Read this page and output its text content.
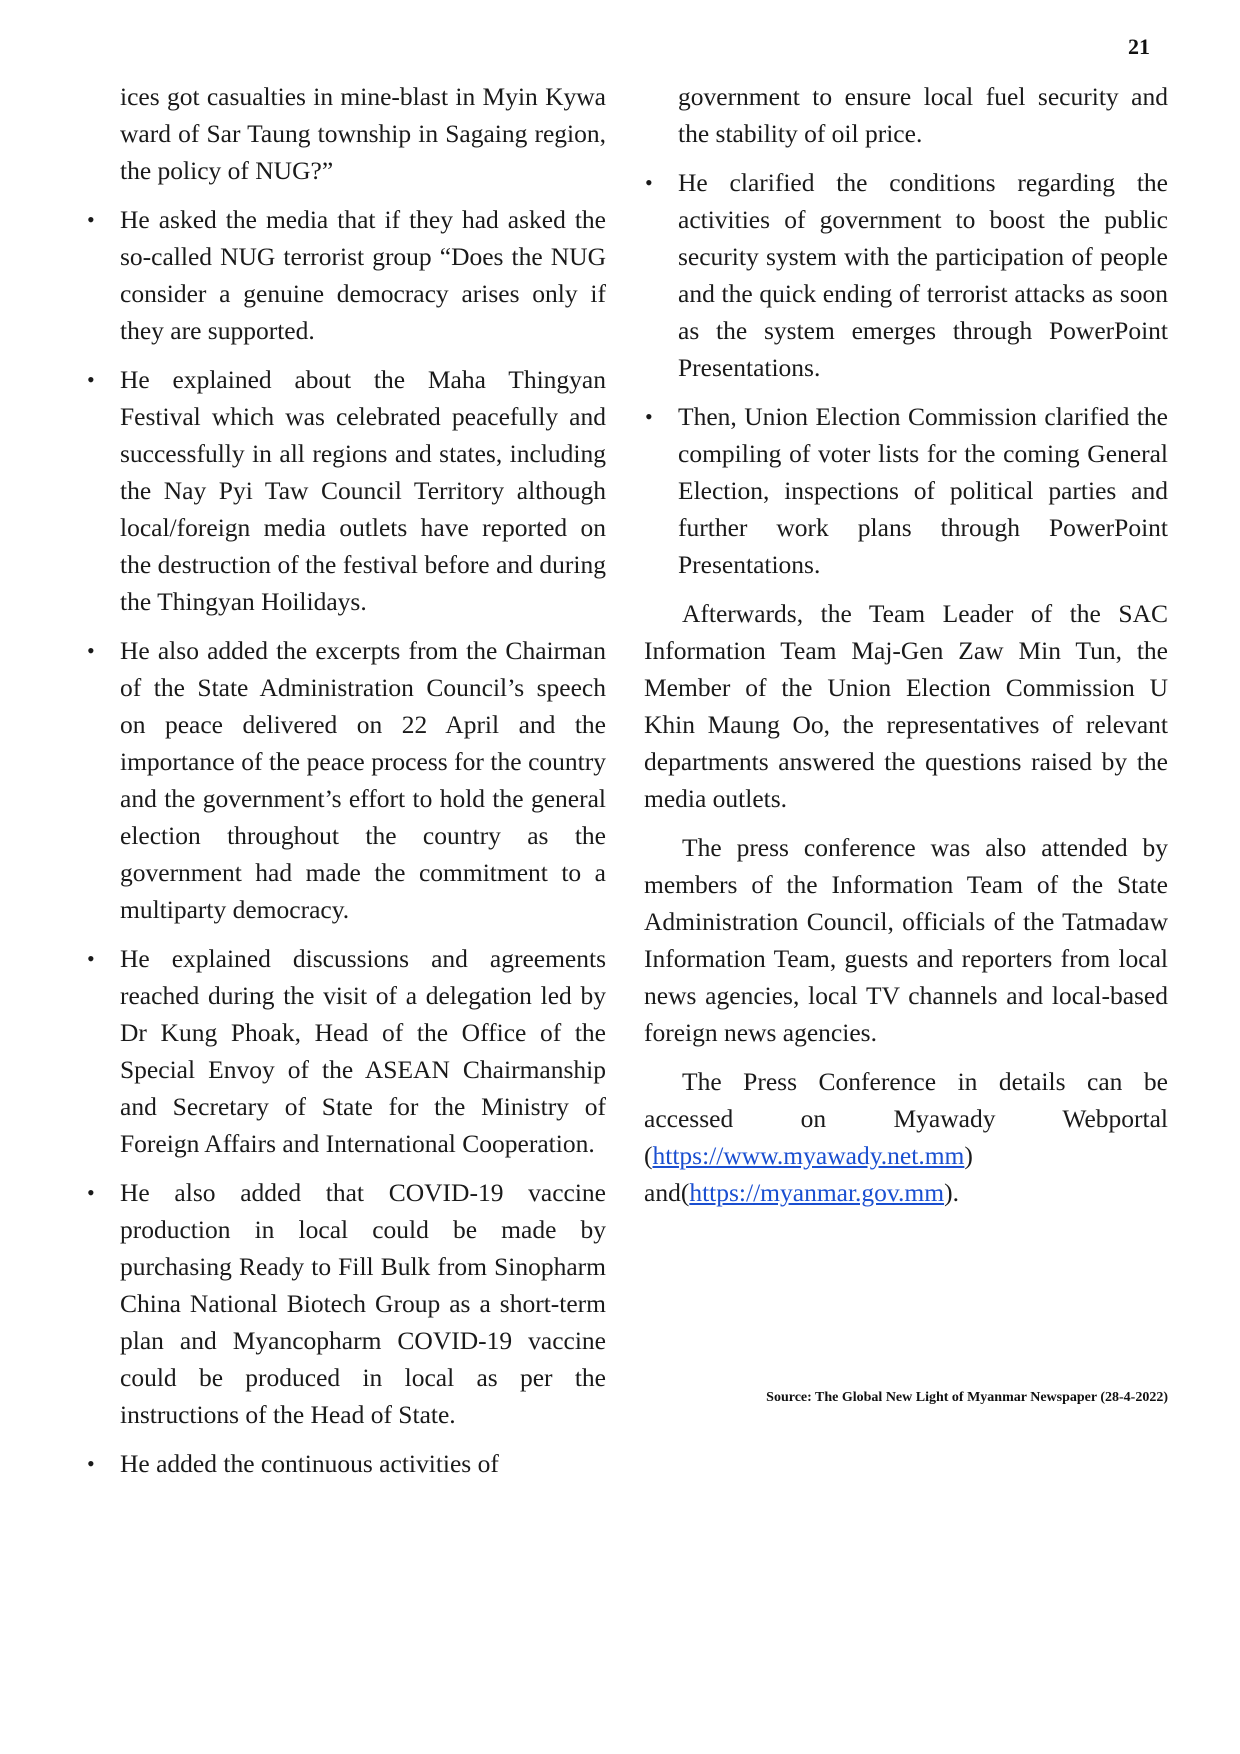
21

ices got casualties in mine-blast in Myin Kywa ward of Sar Taung township in Sagaing region, the policy of NUG?”

• He asked the media that if they had asked the so-called NUG terrorist group “Does the NUG consider a genuine democracy arises only if they are supported.
• He explained about the Maha Thingyan Festival which was celebrated peacefully and successfully in all regions and states, including the Nay Pyi Taw Council Territory although local/foreign media outlets have reported on the destruction of the festival before and during the Thingyan Hoilidays.
• He also added the excerpts from the Chairman of the State Administration Council’s speech on peace delivered on 22 April and the importance of the peace process for the country and the government’s effort to hold the general election throughout the country as the government had made the commitment to a multiparty democracy.
• He explained discussions and agreements reached during the visit of a delegation led by Dr Kung Phoak, Head of the Office of the Special Envoy of the ASEAN Chairmanship and Secretary of State for the Ministry of Foreign Affairs and International Cooperation.
• He also added that COVID-19 vaccine production in local could be made by purchasing Ready to Fill Bulk from Sinopharm China National Biotech Group as a short-term plan and Myancopharm COVID-19 vaccine could be produced in local as per the instructions of the Head of State.
• He added the continuous activities of

government to ensure local fuel security and the stability of oil price.

• He clarified the conditions regarding the activities of government to boost the public security system with the participation of people and the quick ending of terrorist attacks as soon as the system emerges through PowerPoint Presentations.
• Then, Union Election Commission clarified the compiling of voter lists for the coming General Election, inspections of political parties and further work plans through PowerPoint Presentations.

Afterwards, the Team Leader of the SAC Information Team Maj-Gen Zaw Min Tun, the Member of the Union Election Commission U Khin Maung Oo, the representatives of relevant departments answered the questions raised by the media outlets.

The press conference was also attended by members of the Information Team of the State Administration Council, officials of the Tatmadaw Information Team, guests and reporters from local news agencies, local TV channels and local-based foreign news agencies.

The Press Conference in details can be accessed on Myawady Webportal (https://www.myawady.net.mm) and(https://myanmar.gov.mm).

Source: The Global New Light of Myanmar Newspaper (28-4-2022)
